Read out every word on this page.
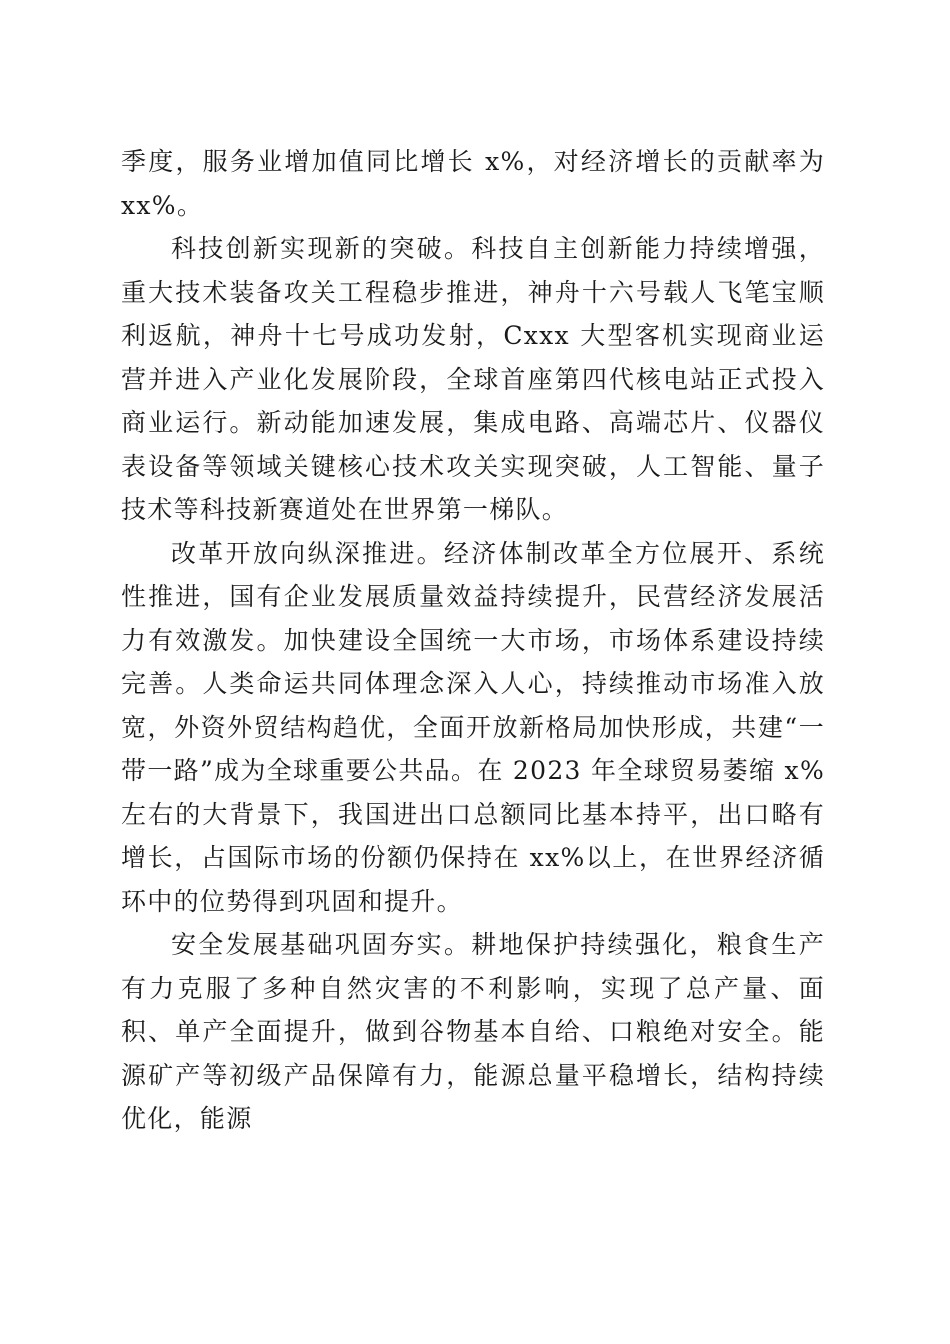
季度，服务业增加值同比增长 x%，对经济增长的贡献率为 xx%。

科技创新实现新的突破。科技自主创新能力持续增强，重大技术装备攻关工程稳步推进，神舟十六号载人飞笔宝顺利返航，神舟十七号成功发射，Cxxx 大型客机实现商业运营并进入产业化发展阶段，全球首座第四代核电站正式投入商业运行。新动能加速发展，集成电路、高端芯片、仪器仪表设备等领域关键核心技术攻关实现突破，人工智能、量子技术等科技新赛道处在世界第一梯队。

改革开放向纵深推进。经济体制改革全方位展开、系统性推进，国有企业发展质量效益持续提升，民营经济发展活力有效激发。加快建设全国统一大市场，市场体系建设持续完善。人类命运共同体理念深入人心，持续推动市场准入放宽，外资外贸结构趋优，全面开放新格局加快形成，共建“一带一路”成为全球重要公共品。在 2023 年全球贸易萎缩 x%左右的大背景下，我国进出口总额同比基本持平，出口略有增长，占国际市场的份额仍保持在 xx%以上，在世界经济循环中的位势得到巩固和提升。

安全发展基础巩固夯实。耕地保护持续强化，粮食生产有力克服了多种自然灾害的不利影响，实现了总产量、面积、单产全面提升，做到谷物基本自给、口粮绝对安全。能源矿产等初级产品保障有力，能源总量平稳增长，结构持续优化，能源
